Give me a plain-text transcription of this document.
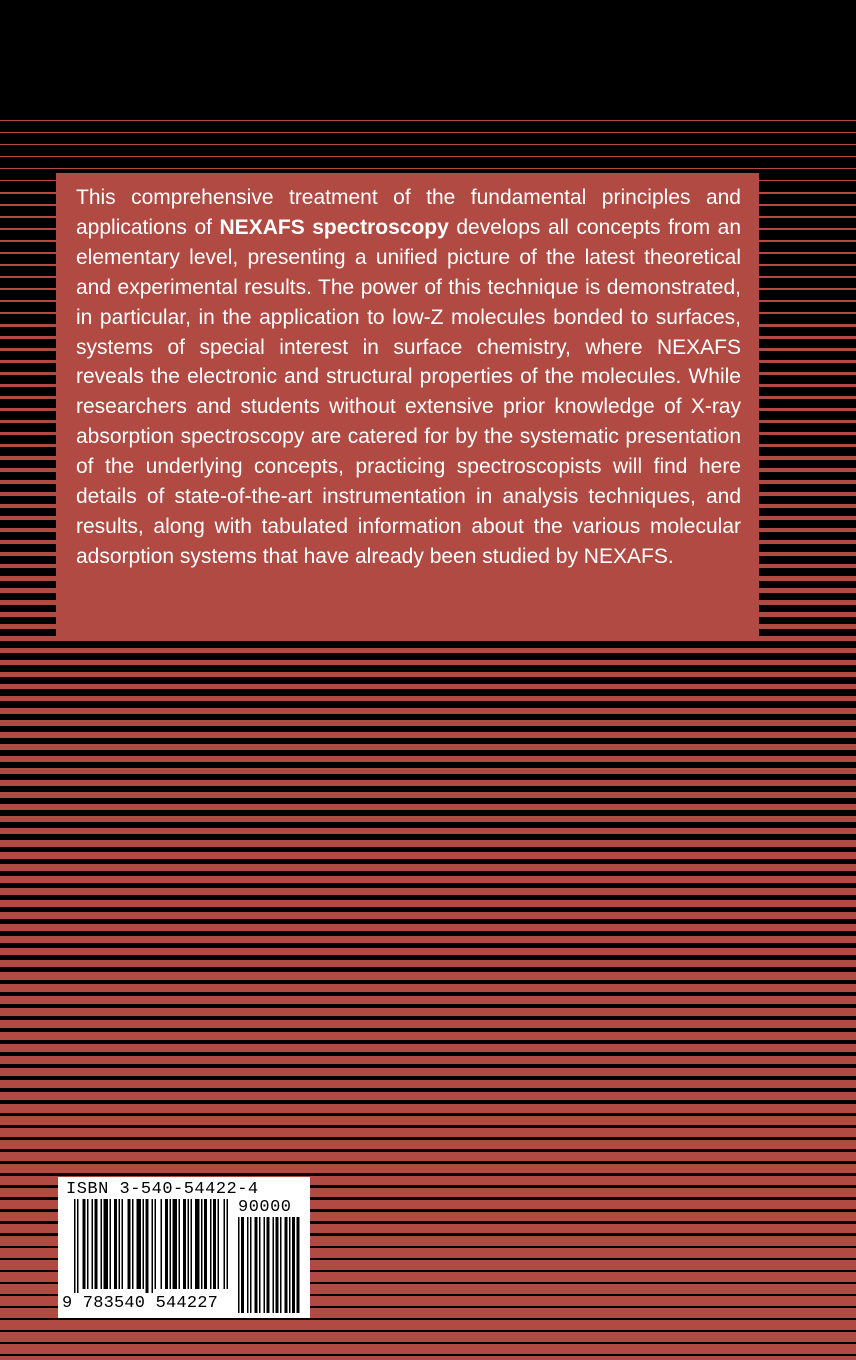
This comprehensive treatment of the fundamental principles and applications of NEXAFS spectroscopy develops all concepts from an elementary level, presenting a unified picture of the latest theoretical and experimental results. The power of this technique is demonstrated, in particular, in the application to low-Z molecules bonded to surfaces, systems of special interest in surface chemistry, where NEXAFS reveals the electronic and structural properties of the molecules. While researchers and students without extensive prior knowledge of X-ray absorption spectroscopy are catered for by the systematic presentation of the underlying concepts, practicing spectroscopists will find here details of state-of-the-art instrumentation in analysis techniques, and results, along with tabulated information about the various molecular adsorption systems that have already been studied by NEXAFS.

ISBN 3-540-54422-4
90000
9 783540 544227
